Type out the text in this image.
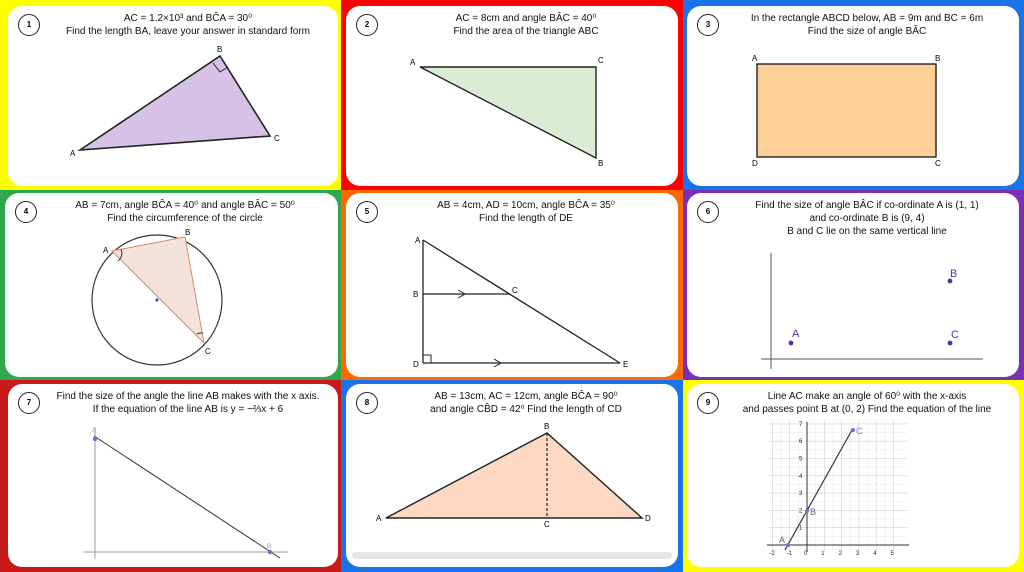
1
AC = 1.2×10³ and BĈA = 30⁰
Find the length BA, leave your answer in standard form
A
B
C
2
AC = 8cm and angle BÂC = 40⁰
Find the area of the triangle ABC
A	C
B
3
In the rectangle ABCD below, AB = 9m and BC = 6m
Find the size of angle BÂC
A	B
D	C
4
AB = 7cm, angle BĈA = 40⁰ and angle BÂC = 50⁰
Find the circumference of the circle
A
B
C
5
AB = 4cm, AD = 10cm, angle BĈA = 35⁰
Find the length of DE
A
B	C
D	E
6
Find the size of angle BÂC if co-ordinate A is (1, 1)
and co-ordinate B is (9, 4)
B and C lie on the same vertical line
A
B
C
7
Find the size of the angle the line AB makes with the x axis.
If the equation of the line AB is y = −⅔x + 6
A
B
8
AB = 13cm, AC = 12cm, angle BĈA = 90⁰
and angle CB̂D = 42⁰ Find the length of CD
A
B
C
D
9
Line AC make an angle of 60⁰ with the x-axis
and passes point B at (0, 2) Find the equation of the line
-2 -1 0 1 2 3 4 5
1
2
3
4
5
6
7
A
B
C
